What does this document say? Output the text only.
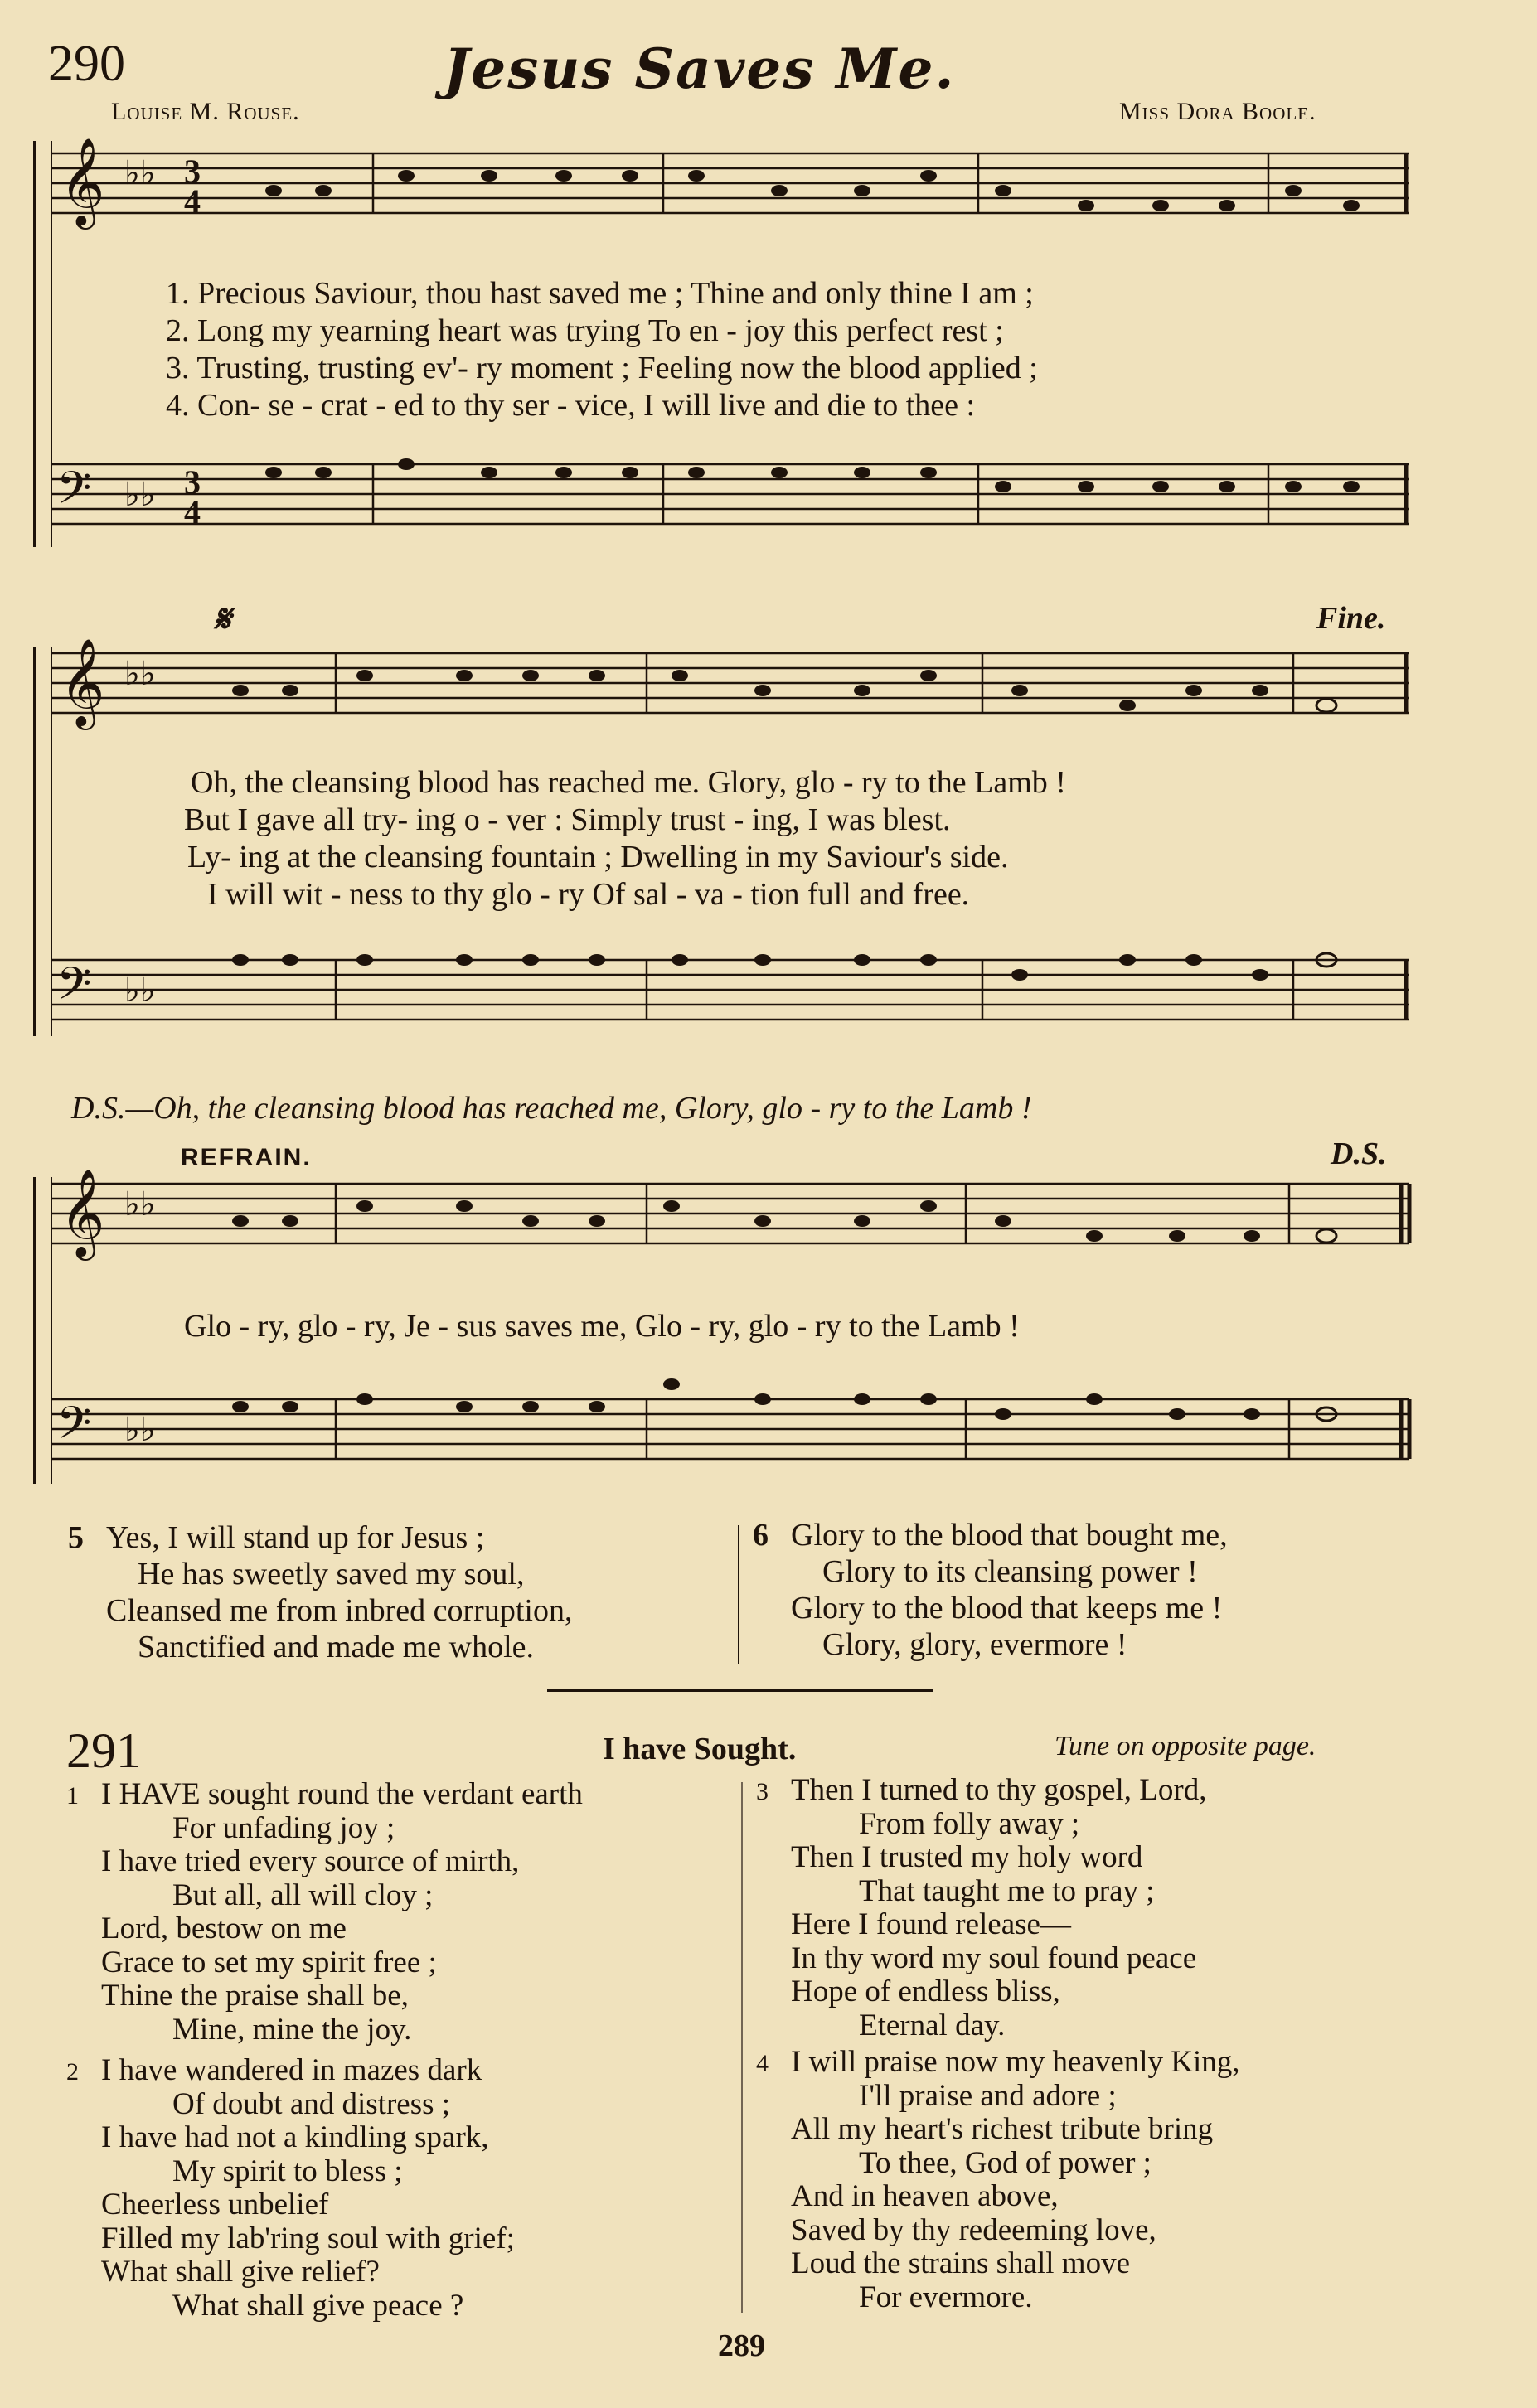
290	Jesus Saves Me.
Louise M. Rouse.	Miss Dora Boole.
𝄞 ♭♭ 3
4
𝄢 ♭♭ 3
4
1. Precious Saviour, thou hast saved me ; Thine and only thine I am ;
2. Long my yearning heart was trying To en - joy this perfect rest ;
3. Trusting, trusting ev'- ry moment ; Feeling now the blood applied ;
4. Con- se - crat - ed to thy ser - vice, I will live and die to thee :
𝄋	Fine.
𝄞 ♭♭
𝄢 ♭♭
Oh, the cleansing blood has reached me. Glory, glo - ry to the Lamb !
But I gave all try- ing o - ver : Simply trust - ing, I was blest.
Ly- ing at the cleansing fountain ; Dwelling in my Saviour's side.
I will wit - ness to thy glo - ry Of sal - va - tion full and free.
D.S.—Oh, the cleansing blood has reached me, Glory, glo - ry to the Lamb !
REFRAIN.	D.S.
𝄞 ♭♭
𝄢 ♭♭
Glo - ry, glo - ry, Je - sus saves me, Glo - ry, glo - ry to the Lamb !
5 Yes, I will stand up for Jesus ;
He has sweetly saved my soul,
Cleansed me from inbred corruption,
Sanctified and made me whole.
6 Glory to the blood that bought me,
Glory to its cleansing power !
Glory to the blood that keeps me !
Glory, glory, evermore !
291	I have Sought.	Tune on opposite page.
1 I HAVE sought round the verdant earth
For unfading joy ;
I have tried every source of mirth,
But all, all will cloy ;
Lord, bestow on me
Grace to set my spirit free ;
Thine the praise shall be,
Mine, mine the joy.
2 I have wandered in mazes dark
Of doubt and distress ;
I have had not a kindling spark,
My spirit to bless ;
Cheerless unbelief
Filled my lab'ring soul with grief;
What shall give relief?
What shall give peace ?
3 Then I turned to thy gospel, Lord,
From folly away ;
Then I trusted my holy word
That taught me to pray ;
Here I found release—
In thy word my soul found peace
Hope of endless bliss,
Eternal day.
4 I will praise now my heavenly King,
I'll praise and adore ;
All my heart's richest tribute bring
To thee, God of power ;
And in heaven above,
Saved by thy redeeming love,
Loud the strains shall move
For evermore.
289
